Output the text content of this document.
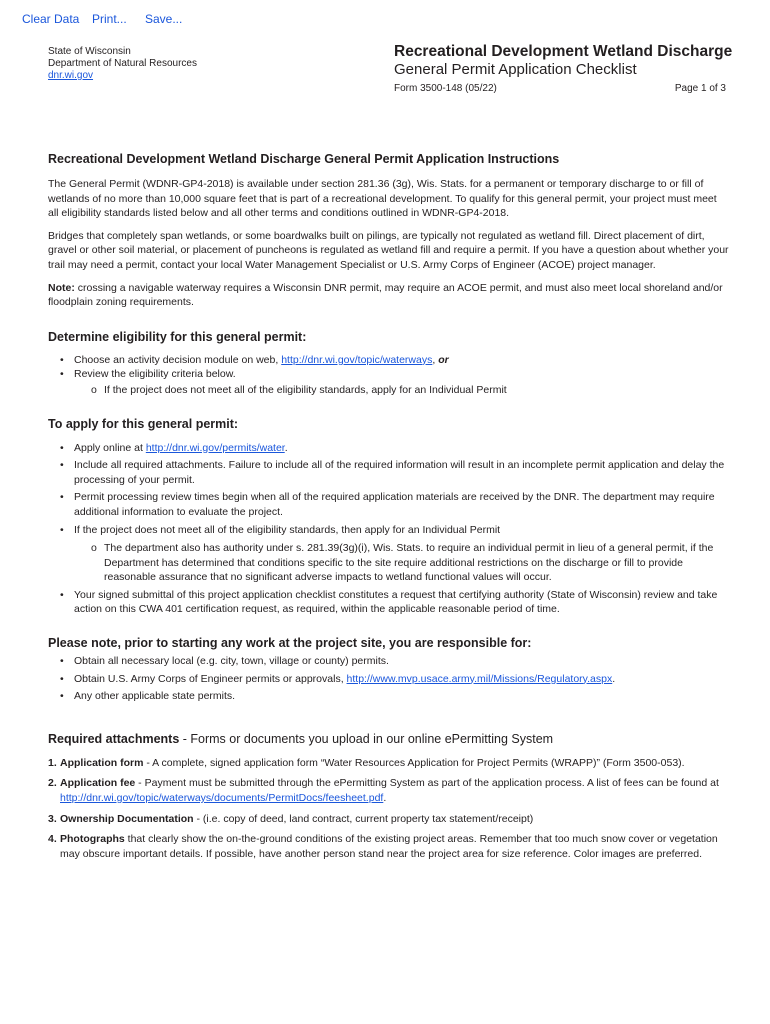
Clear Data Print... Save...
State of Wisconsin
Department of Natural Resources
dnr.wi.gov
Recreational Development Wetland Discharge
General Permit Application Checklist
Form 3500-148 (05/22)	Page 1 of 3
Recreational Development Wetland Discharge General Permit Application Instructions

The General Permit (WDNR-GP4-2018) is available under section 281.36 (3g), Wis. Stats. for a permanent or temporary discharge to or fill of wetlands of no more than 10,000 square feet that is part of a recreational development. To qualify for this general permit, your project must meet all eligibility standards listed below and all other terms and conditions outlined in WDNR-GP4-2018.

Bridges that completely span wetlands, or some boardwalks built on pilings, are typically not regulated as wetland fill. Direct placement of dirt, gravel or other soil material, or placement of puncheons is regulated as wetland fill and require a permit. If you have a question about whether your trail may need a permit, contact your local Water Management Specialist or U.S. Army Corps of Engineer (ACOE) project manager.

Note: crossing a navigable waterway requires a Wisconsin DNR permit, may require an ACOE permit, and must also meet local shoreland and/or floodplain zoning requirements.

Determine eligibility for this general permit:
• Choose an activity decision module on web, http://dnr.wi.gov/topic/waterways, or
• Review the eligibility criteria below.
o If the project does not meet all of the eligibility standards, apply for an Individual Permit
To apply for this general permit:
• Apply online at http://dnr.wi.gov/permits/water.
• Include all required attachments. Failure to include all of the required information will result in an incomplete permit application and delay the processing of your permit.
• Permit processing review times begin when all of the required application materials are received by the DNR. The department may require additional information to evaluate the project.
• If the project does not meet all of the eligibility standards, then apply for an Individual Permit
o The department also has authority under s. 281.39(3g)(i), Wis. Stats. to require an individual permit in lieu of a general permit, if the Department has determined that conditions specific to the site require additional restrictions on the discharge or fill to provide reasonable assurance that no significant adverse impacts to wetland functional values will occur.
• Your signed submittal of this project application checklist constitutes a request that certifying authority (State of Wisconsin) review and take action on this CWA 401 certification request, as required, within the applicable reasonable period of time.
Please note, prior to starting any work at the project site, you are responsible for:
• Obtain all necessary local (e.g. city, town, village or county) permits.
• Obtain U.S. Army Corps of Engineer permits or approvals, http://www.mvp.usace.army.mil/Missions/Regulatory.aspx.
• Any other applicable state permits.
Required attachments - Forms or documents you upload in our online ePermitting System
1. Application form - A complete, signed application form “Water Resources Application for Project Permits (WRAPP)” (Form 3500-053).
2. Application fee - Payment must be submitted through the ePermitting System as part of the application process. A list of fees can be found at http://dnr.wi.gov/topic/waterways/documents/PermitDocs/feesheet.pdf.
3. Ownership Documentation - (i.e. copy of deed, land contract, current property tax statement/receipt)
4. Photographs that clearly show the on-the-ground conditions of the existing project areas. Remember that too much snow cover or vegetation may obscure important details. If possible, have another person stand near the project area for size reference. Color images are preferred.
